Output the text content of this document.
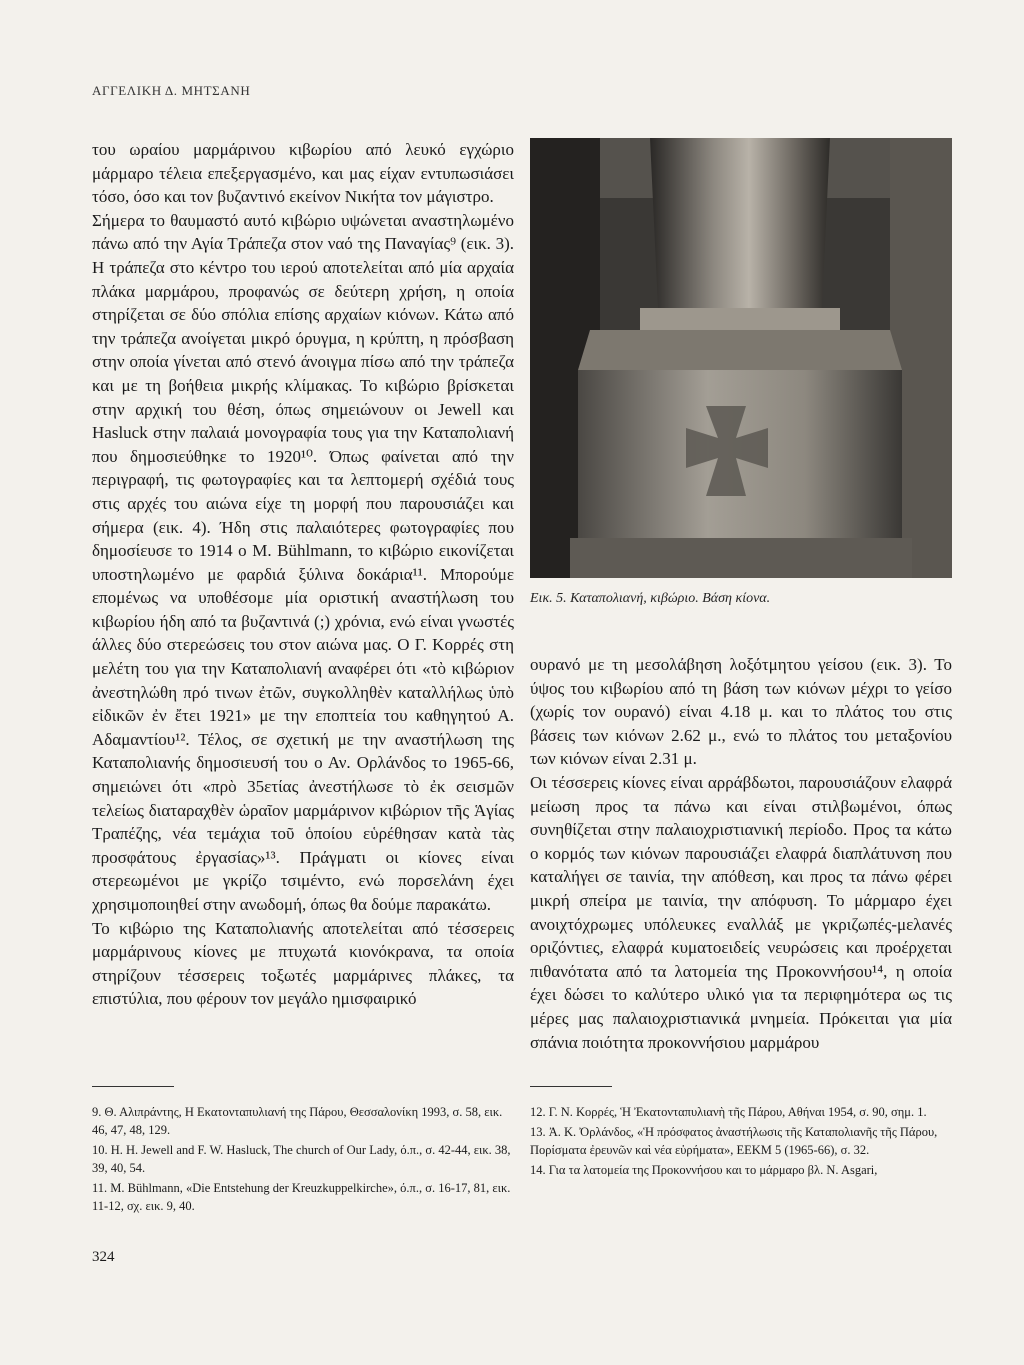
ΑΓΓΕΛΙΚΗ Δ. ΜΗΤΣΑΝΗ

του ωραίου μαρμάρινου κιβωρίου από λευκό εγχώριο μάρμαρο τέλεια επεξεργασμένο, και μας είχαν εντυπωσιάσει τόσο, όσο και τον βυζαντινό εκείνον Νικήτα τον μάγιστρο.

Σήμερα το θαυμαστό αυτό κιβώριο υψώνεται αναστηλωμένο πάνω από την Αγία Τράπεζα στον ναό της Παναγίας⁹ (εικ. 3). Η τράπεζα στο κέντρο του ιερού αποτελείται από μία αρχαία πλάκα μαρμάρου, προφανώς σε δεύτερη χρήση, η οποία στηρίζεται σε δύο σπόλια επίσης αρχαίων κιόνων. Κάτω από την τράπεζα ανοίγεται μικρό όρυγμα, η κρύπτη, η πρόσβαση στην οποία γίνεται από στενό άνοιγμα πίσω από την τράπεζα και με τη βοήθεια μικρής κλίμακας. Το κιβώριο βρίσκεται στην αρχική του θέση, όπως σημειώνουν οι Jewell και Hasluck στην παλαιά μονογραφία τους για την Καταπολιανή που δημοσιεύθηκε το 1920¹⁰. Όπως φαίνεται από την περιγραφή, τις φωτογραφίες και τα λεπτομερή σχέδιά τους στις αρχές του αιώνα είχε τη μορφή που παρουσιάζει και σήμερα (εικ. 4). Ήδη στις παλαιότερες φωτογραφίες που δημοσίευσε το 1914 ο M. Bühlmann, το κιβώριο εικονίζεται υποστηλωμένο με φαρδιά ξύλινα δοκάρια¹¹. Μπορούμε επομένως να υποθέσομε μία οριστική αναστήλωση του κιβωρίου ήδη από τα βυζαντινά (;) χρόνια, ενώ είναι γνωστές άλλες δύο στερεώσεις του στον αιώνα μας. Ο Γ. Κορρές στη μελέτη του για την Καταπολιανή αναφέρει ότι «τὸ κιβώριον ἀνεστηλώθη πρό τινων ἐτῶν, συγκολληθὲν καταλλήλως ὑπὸ εἰδικῶν ἐν ἔτει 1921» με την εποπτεία του καθηγητού Α. Αδαμαντίου¹². Τέλος, σε σχετική με την αναστήλωση της Καταπολιανής δημοσιευσή του ο Αν. Ορλάνδος το 1965-66, σημειώνει ότι «πρὸ 35ετίας ἀνεστήλωσε τὸ ἐκ σεισμῶν τελείως διαταραχθὲν ὡραῖον μαρμάρινον κιβώριον τῆς Ἁγίας Τραπέζης, νέα τεμάχια τοῦ ὁποίου εὑρέθησαν κατὰ τὰς προσφάτους ἐργασίας»¹³. Πράγματι οι κίονες είναι στερεωμένοι με γκρίζο τσιμέντο, ενώ πορσελάνη έχει χρησιμοποιηθεί στην ανωδομή, όπως θα δούμε παρακάτω.

Το κιβώριο της Καταπολιανής αποτελείται από τέσσερεις μαρμάρινους κίονες με πτυχωτά κιονόκρανα, τα οποία στηρίζουν τέσσερεις τοξωτές μαρμάρινες πλάκες, τα επιστύλια, που φέρουν τον μεγάλο ημισφαιρικό

Εικ. 5. Καταπολιανή, κιβώριο. Βάση κίονα.

ουρανό με τη μεσολάβηση λοξότμητου γείσου (εικ. 3). Το ύψος του κιβωρίου από τη βάση των κιόνων μέχρι το γείσο (χωρίς τον ουρανό) είναι 4.18 μ. και το πλάτος του στις βάσεις των κιόνων 2.62 μ., ενώ το πλάτος του μεταξονίου των κιόνων είναι 2.31 μ.

Οι τέσσερεις κίονες είναι αρράβδωτοι, παρουσιάζουν ελαφρά μείωση προς τα πάνω και είναι στιλβωμένοι, όπως συνηθίζεται στην παλαιοχριστιανική περίοδο. Προς τα κάτω ο κορμός των κιόνων παρουσιάζει ελαφρά διαπλάτυνση που καταλήγει σε ταινία, την απόθεση, και προς τα πάνω φέρει μικρή σπείρα με ταινία, την απόφυση. Το μάρμαρο έχει ανοιχτόχρωμες υπόλευκες εναλλάξ με γκριζωπές-μελανές οριζόντιες, ελαφρά κυματοειδείς νευρώσεις και προέρχεται πιθανότατα από τα λατομεία της Προκοννήσου¹⁴, η οποία έχει δώσει το καλύτερο υλικό για τα περιφημότερα ως τις μέρες μας παλαιοχριστιανικά μνημεία. Πρόκειται για μία σπάνια ποιότητα προκοννήσιου μαρμάρου

9. Θ. Αλιπράντης, Η Εκατονταπυλιανή της Πάρου, Θεσσαλονίκη 1993, σ. 58, εικ. 46, 47, 48, 129.

10. H. H. Jewell and F. W. Hasluck, The church of Our Lady, ό.π., σ. 42-44, εικ. 38, 39, 40, 54.

11. M. Bühlmann, «Die Entstehung der Kreuzkuppelkirche», ό.π., σ. 16-17, 81, εικ. 11-12, σχ. εικ. 9, 40.

12. Γ. Ν. Κορρές, Ἡ Ἐκατονταπυλιανὴ τῆς Πάρου, Αθήναι 1954, σ. 90, σημ. 1.

13. Ἀ. Κ. Ὀρλάνδος, «Ἡ πρόσφατος ἀναστήλωσις τῆς Καταπολιανῆς τῆς Πάρου, Πορίσματα ἐρευνῶν καὶ νέα εὑρήματα», ΕΕΚΜ 5 (1965-66), σ. 32.

14. Για τα λατομεία της Προκοννήσου και το μάρμαρο βλ. N. Asgari,

324
